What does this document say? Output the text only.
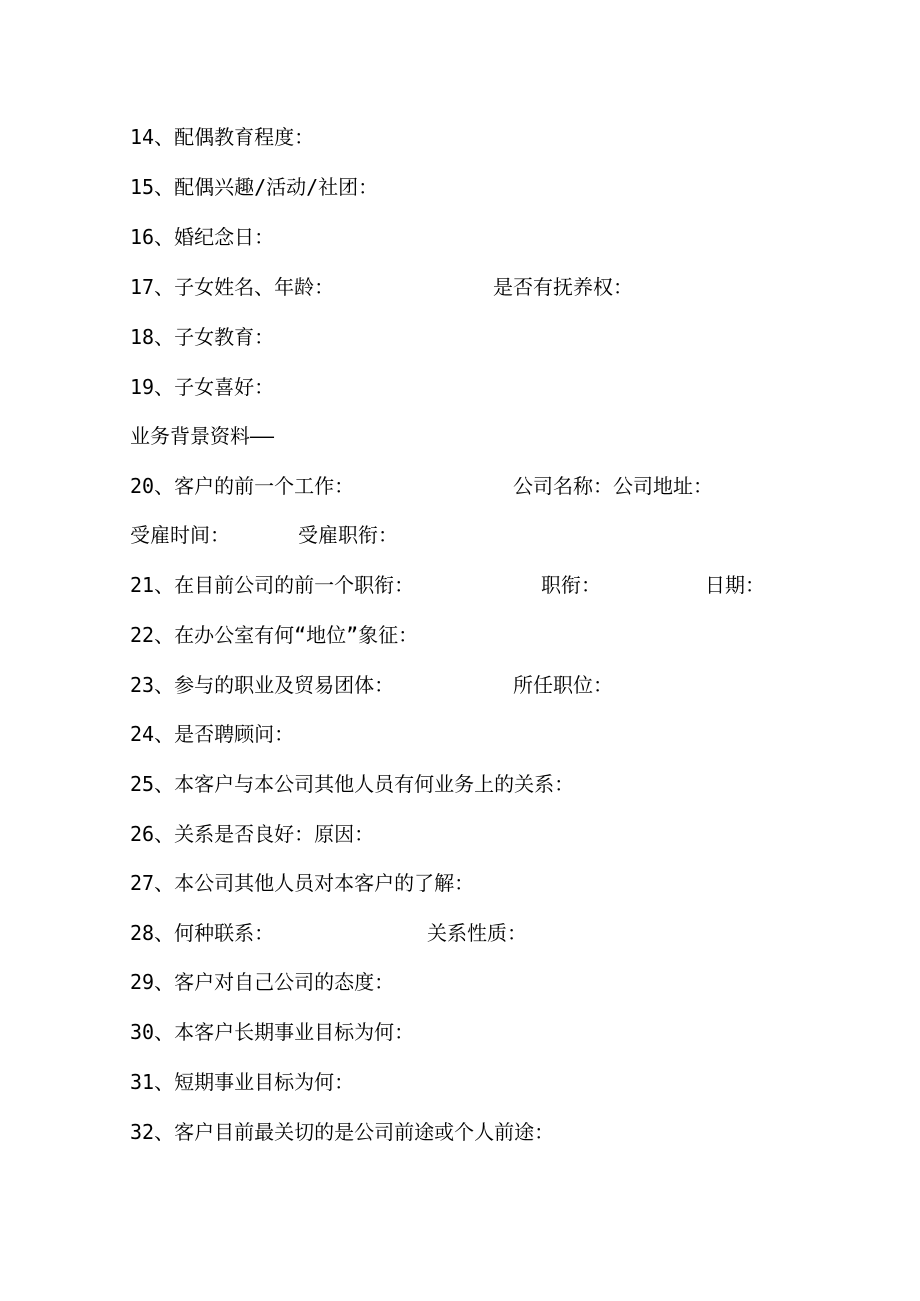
14、配偶教育程度：
15、配偶兴趣/活动/社团：
16、婚纪念日：
17、子女姓名、年龄：	是否有抚养权：
18、子女教育：
19、子女喜好：
业务背景资料——
20、客户的前一个工作：	公司名称：公司地址：
受雇时间：	受雇职衔：
21、在目前公司的前一个职衔：	职衔：	日期：
22、在办公室有何“地位”象征：
23、参与的职业及贸易团体：	所任职位：
24、是否聘顾问：
25、本客户与本公司其他人员有何业务上的关系：
26、关系是否良好：原因：
27、本公司其他人员对本客户的了解：
28、何种联系：	关系性质：
29、客户对自己公司的态度：
30、本客户长期事业目标为何：
31、短期事业目标为何：
32、客户目前最关切的是公司前途或个人前途：
